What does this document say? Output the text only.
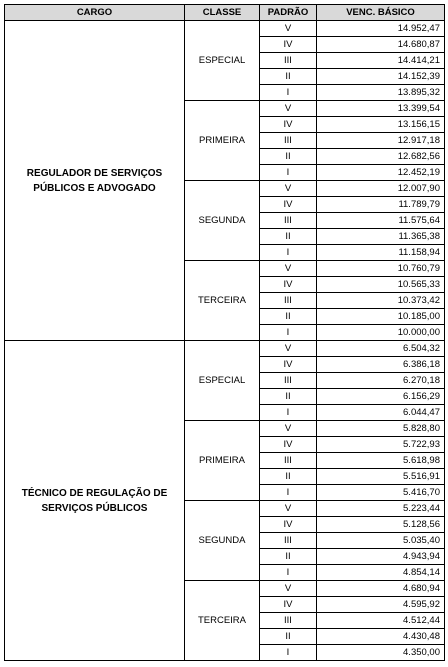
CARGO	CLASSE	PADRÃO	VENC. BÁSICO

REGULADOR DE SERVIÇOS
PÚBLICOS E ADVOGADO	ESPECIAL	V	14.952,47
		IV	14.680,87
		III	14.414,21
		II	14.152,39
		I	13.895,32
	PRIMEIRA	V	13.399,54
		IV	13.156,15
		III	12.917,18
		II	12.682,56
		I	12.452,19
	SEGUNDA	V	12.007,90
		IV	11.789,79
		III	11.575,64
		II	11.365,38
		I	11.158,94
	TERCEIRA	V	10.760,79
		IV	10.565,33
		III	10.373,42
		II	10.185,00
		I	10.000,00

TÉCNICO DE REGULAÇÃO DE
SERVIÇOS PÚBLICOS	ESPECIAL	V	6.504,32
		IV	6.386,18
		III	6.270,18
		II	6.156,29
		I	6.044,47
	PRIMEIRA	V	5.828,80
		IV	5.722,93
		III	5.618,98
		II	5.516,91
		I	5.416,70
	SEGUNDA	V	5.223,44
		IV	5.128,56
		III	5.035,40
		II	4.943,94
		I	4.854,14
	TERCEIRA	V	4.680,94
		IV	4.595,92
		III	4.512,44
		II	4.430,48
		I	4.350,00
